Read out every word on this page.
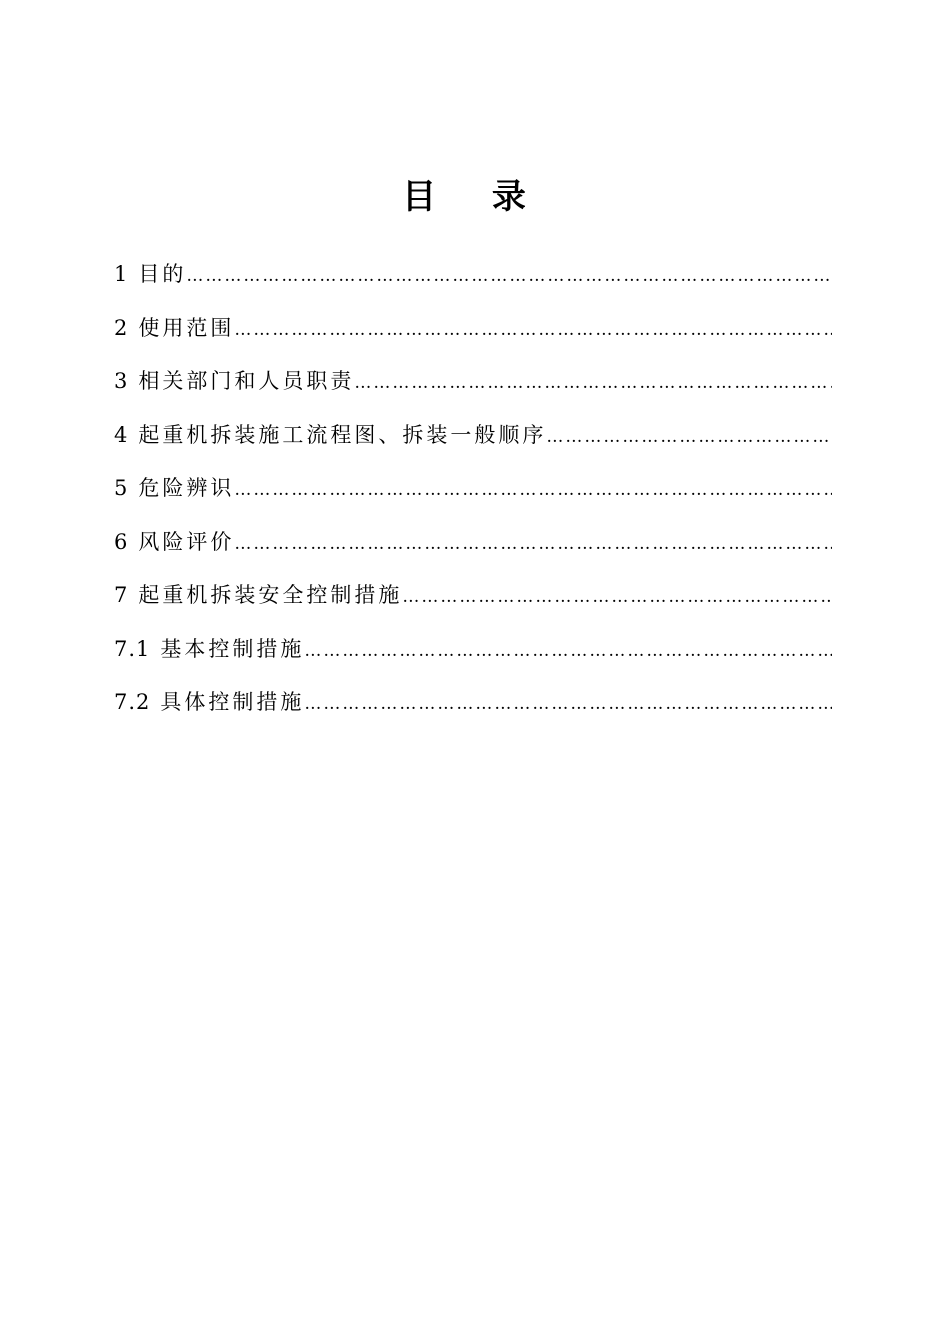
目 录
1 目的
……………………………………………………………………………………………………………………………………………………
2 使用范围
……………………………………………………………………………………………………………………………………………………
3 相关部门和人员职责
……………………………………………………………………………………………………………………………………………………
4 起重机拆装施工流程图、拆装一般顺序
……………………………………………………………………………………………………………………………………………………
5 危险辨识
……………………………………………………………………………………………………………………………………………………
6 风险评价
……………………………………………………………………………………………………………………………………………………
7 起重机拆装安全控制措施
……………………………………………………………………………………………………………………………………………………
7.1 基本控制措施
……………………………………………………………………………………………………………………………………………………
7.2 具体控制措施
……………………………………………………………………………………………………………………………………………………
